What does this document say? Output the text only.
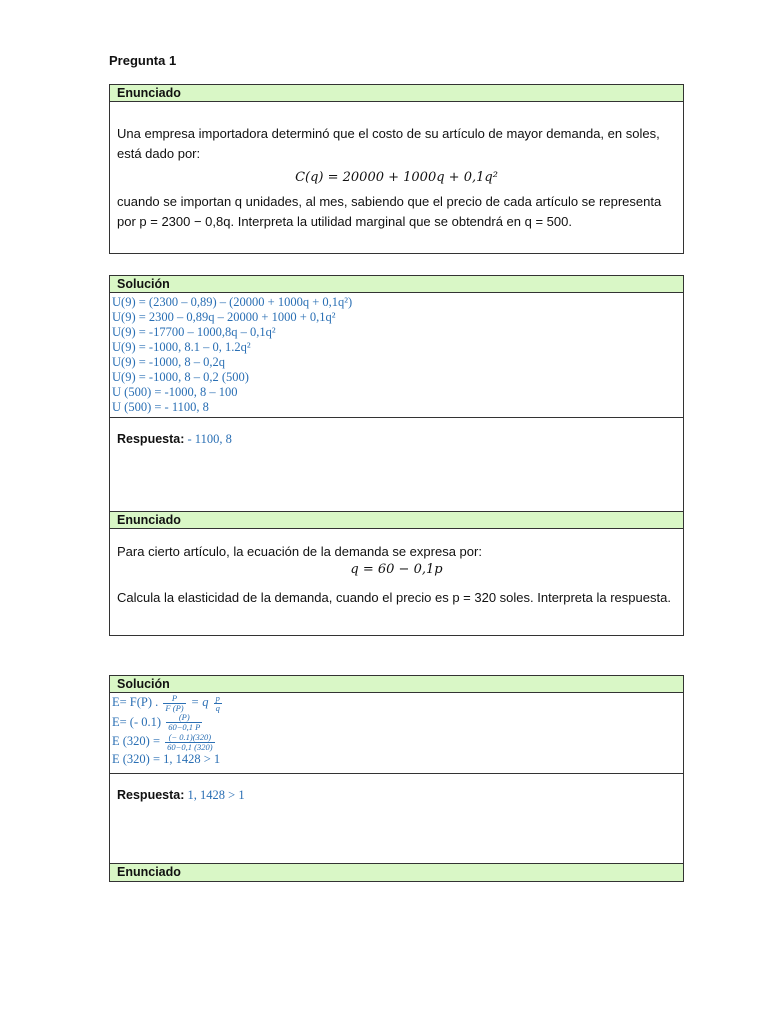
Pregunta 1
Enunciado
Una empresa importadora determinó que el costo de su artículo de mayor demanda, en soles, está dado por:
C(q) = 20000 + 1000q + 0,1q²
cuando se importan q unidades, al mes, sabiendo que el precio de cada artículo se representa por p = 2300 − 0,8q. Interpreta la utilidad marginal que se obtendrá en q = 500.
Solución
U(9) = (2300 – 0,89) – (20000 + 1000q + 0,1q²)
U(9) = 2300 – 0,89q – 20000 + 1000 + 0,1q²
U(9) = -17700 – 1000,8q – 0,1q²
U(9) = -1000, 8.1 – 0, 1.2q²
U(9) = -1000, 8 – 0,2q
U(9) = -1000, 8 – 0,2 (500)
U (500) = -1000, 8 – 100
U (500) = - 1100, 8
Respuesta: - 1100, 8
Enunciado
Para cierto artículo, la ecuación de la demanda se expresa por:
q = 60 − 0,1p
Calcula la elasticidad de la demanda, cuando el precio es p = 320 soles. Interpreta la respuesta.
Solución
E= F(P) . $\frac{P}{F (P)} = q \frac{p}{q}$
E= (- $0.1) \frac{(P)}{60-0,1 P}$
E $(320) = \frac{(- 0.1)(320)}{60-0,1 (320)}$
E (320) = 1, 1428 > 1
Respuesta: 1, 1428 > 1
Enunciado
